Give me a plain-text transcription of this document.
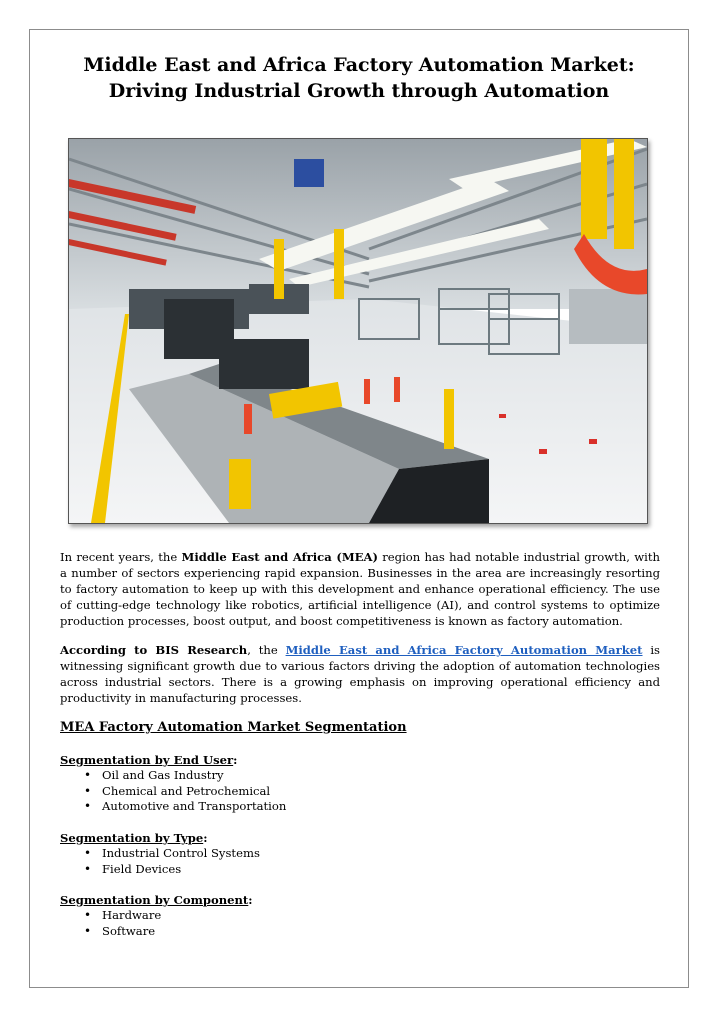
Middle East and Africa Factory Automation Market: Driving Industrial Growth through Automation
In recent years, the Middle East and Africa (MEA) region has had notable industrial growth, with a number of sectors experiencing rapid expansion. Businesses in the area are increasingly resorting to factory automation to keep up with this development and enhance operational efficiency. The use of cutting-edge technology like robotics, artificial intelligence (AI), and control systems to optimize production processes, boost output, and boost competitiveness is known as factory automation.
According to BIS Research, the Middle East and Africa Factory Automation Market is witnessing significant growth due to various factors driving the adoption of automation technologies across industrial sectors. There is a growing emphasis on improving operational efficiency and productivity in manufacturing processes.
MEA Factory Automation Market Segmentation
Segmentation by End User:
• Oil and Gas Industry
• Chemical and Petrochemical
• Automotive and Transportation
Segmentation by Type:
• Industrial Control Systems
• Field Devices
Segmentation by Component:
• Hardware
• Software
